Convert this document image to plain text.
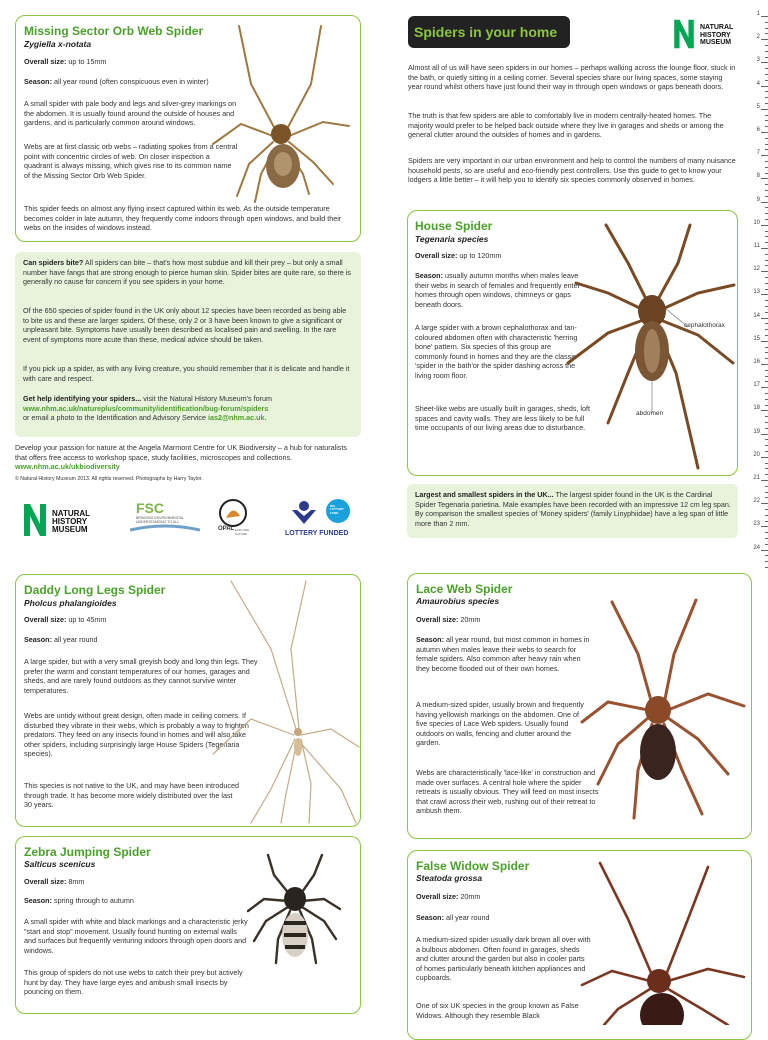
Missing Sector Orb Web Spider
Zygiella x-notata
Overall size: up to 15mm
Season: all year round (often conspicuous even in winter)
A small spider with pale body and legs and silver-grey markings on the abdomen. It is usually found around the outside of houses and gardens, and is particularly common around windows.
Webs are at first classic orb webs – radiating spokes from a central point with concentric circles of web. On closer inspection a quadrant is always missing, which gives rise to its common name of the Missing Sector Orb Web Spider.
This spider feeds on almost any flying insect captured within its web. As the outside temperature becomes colder in late autumn, they frequently come indoors through open windows, and build their webs on the insides of windows instead.
Can spiders bite? All spiders can bite – that's how most subdue and kill their prey – but only a small number have fangs that are strong enough to pierce human skin. Spider bites are quite rare, so there is generally no cause for concern if you see spiders in your home.
Of the 650 species of spider found in the UK only about 12 species have been recorded as being able to bite us and these are larger spiders. Of these, only 2 or 3 have been known to give a significant or unpleasant bite. Symptoms have usually been described as localised pain and swelling. In the rare event of symptoms more acute than these, medical advice should be taken.
If you pick up a spider, as with any living creature, you should remember that it is delicate and handle it with care and respect.
Get help identifying your spiders... visit the Natural History Museum's forum
www.nhm.ac.uk/natureplus/community/identification/bug-forum/spiders
or email a photo to the Identification and Advisory Service ias2@nhm.ac.uk.
Develop your passion for nature at the Angela Marmont Centre for UK Biodiversity – a hub for naturalists that offers free access to workshop space, study facilities, microscopes and collections. www.nhm.ac.uk/ukbiodiversity
© Natural History Museum 2013. All rights reserved. Photographs by Harry Taylor.
NATURAL
HISTORY
MUSEUM
FSC
BRINGING ENVIRONMENTAL UNDERSTANDING TO ALL
OPAL EXPLORE NATURE
BIG LOTTERY FUND
LOTTERY FUNDED
Spiders in your home	NATURAL
HISTORY
MUSEUM
Almost all of us will have seen spiders in our homes – perhaps walking across the lounge floor, stuck in the bath, or quietly sitting in a ceiling corner. Several species share our living spaces, some staying year round whilst others have just found their way in through open windows or gaps beneath doors.
The truth is that few spiders are able to comfortably live in modern centrally-heated homes. The majority would prefer to be helped back outside where they live in garages and sheds or among the general clutter around the outsides of homes and in gardens.
Spiders are very important in our urban environment and help to control the numbers of many nuisance household pests, so are useful and eco-friendly pest controllers. Use this guide to get to know your lodgers a little better – it will help you to identify six species commonly observed in homes.
House Spider
Tegenaria species
Overall size: up to 120mm
Season: usually autumn months when males leave their webs in search of females and frequently enter homes through open windows, chimneys or gaps beneath doors.
A large spider with a brown cephalothorax and tan-coloured abdomen often with characteristic 'herring bone' pattern. Six species of this group are commonly found in homes and they are the classic 'spider in the bath'or the spider dashing across the living room floor.
Sheet-like webs are usually built in garages, sheds, loft spaces and cavity walls. They are less likely to be full time occupants of our living areas due to disturbance.
cephalothorax
abdomen
Largest and smallest spiders in the UK... The largest spider found in the UK is the Cardinal Spider Tegenaria parietina. Male examples have been recorded with an impressive 12 cm leg span. By comparison the smallest species of 'Money spiders' (family Linyphiidae) have a leg span of little more than 2 mm.
1
2
3
4
5
6
7
8
9
10
11
12
13
14
15
16
17
18
19
20
21
22
23
24
Daddy Long Legs Spider
Pholcus phalangioides
Overall size: up to 45mm
Season: all year round
A large spider, but with a very small greyish body and long thin legs. They prefer the warm and constant temperatures of our homes, garages and sheds, and are rarely found outdoors as they cannot survive winter temperatures.
Webs are untidy without great design, often made in ceiling corners. If disturbed they vibrate in their webs, which is probably a way to frighten predators. They feed on any insects found in homes and will also take other spiders, including surprisingly large House Spiders (Tegenaria species).
This species is not native to the UK, and may have been introduced through trade. It has become more widely distributed over the last 30 years.
Zebra Jumping Spider
Salticus scenicus
Overall size: 8mm
Season: spring through to autumn
A small spider with white and black markings and a characteristic jerky "start and stop" movement. Usually found hunting on external walls and surfaces but frequently venturing indoors through open doors and windows.
This group of spiders do not use webs to catch their prey but actively hunt by day. They have large eyes and ambush small insects by pouncing on them.
Lace Web Spider
Amaurobius species
Overall size: 20mm
Season: all year round, but most common in homes in autumn when males leave their webs to search for female spiders. Also common after heavy rain when they become flooded out of their own homes.
A medium-sized spider, usually brown and frequently having yellowish markings on the abdomen. One of five species of Lace Web spiders. Usually found outdoors on walls, fencing and clutter around the garden.
Webs are characteristically 'lace-like' in construction and made over surfaces. A central hole where the spider retreats is usually obvious. They will feed on most insects that crawl across their web, rushing out of their retreat to ambush them.
False Widow Spider
Steatoda grossa
Overall size: 20mm
Season: all year round
A medium-sized spider usually dark brown all over with a bulbous abdomen. Often found in garages, sheds and clutter around the garden but also in cooler parts of homes particularly beneath kitchen appliances and cupboards.
One of six UK species in the group known as False Widows. Although they resemble Black
